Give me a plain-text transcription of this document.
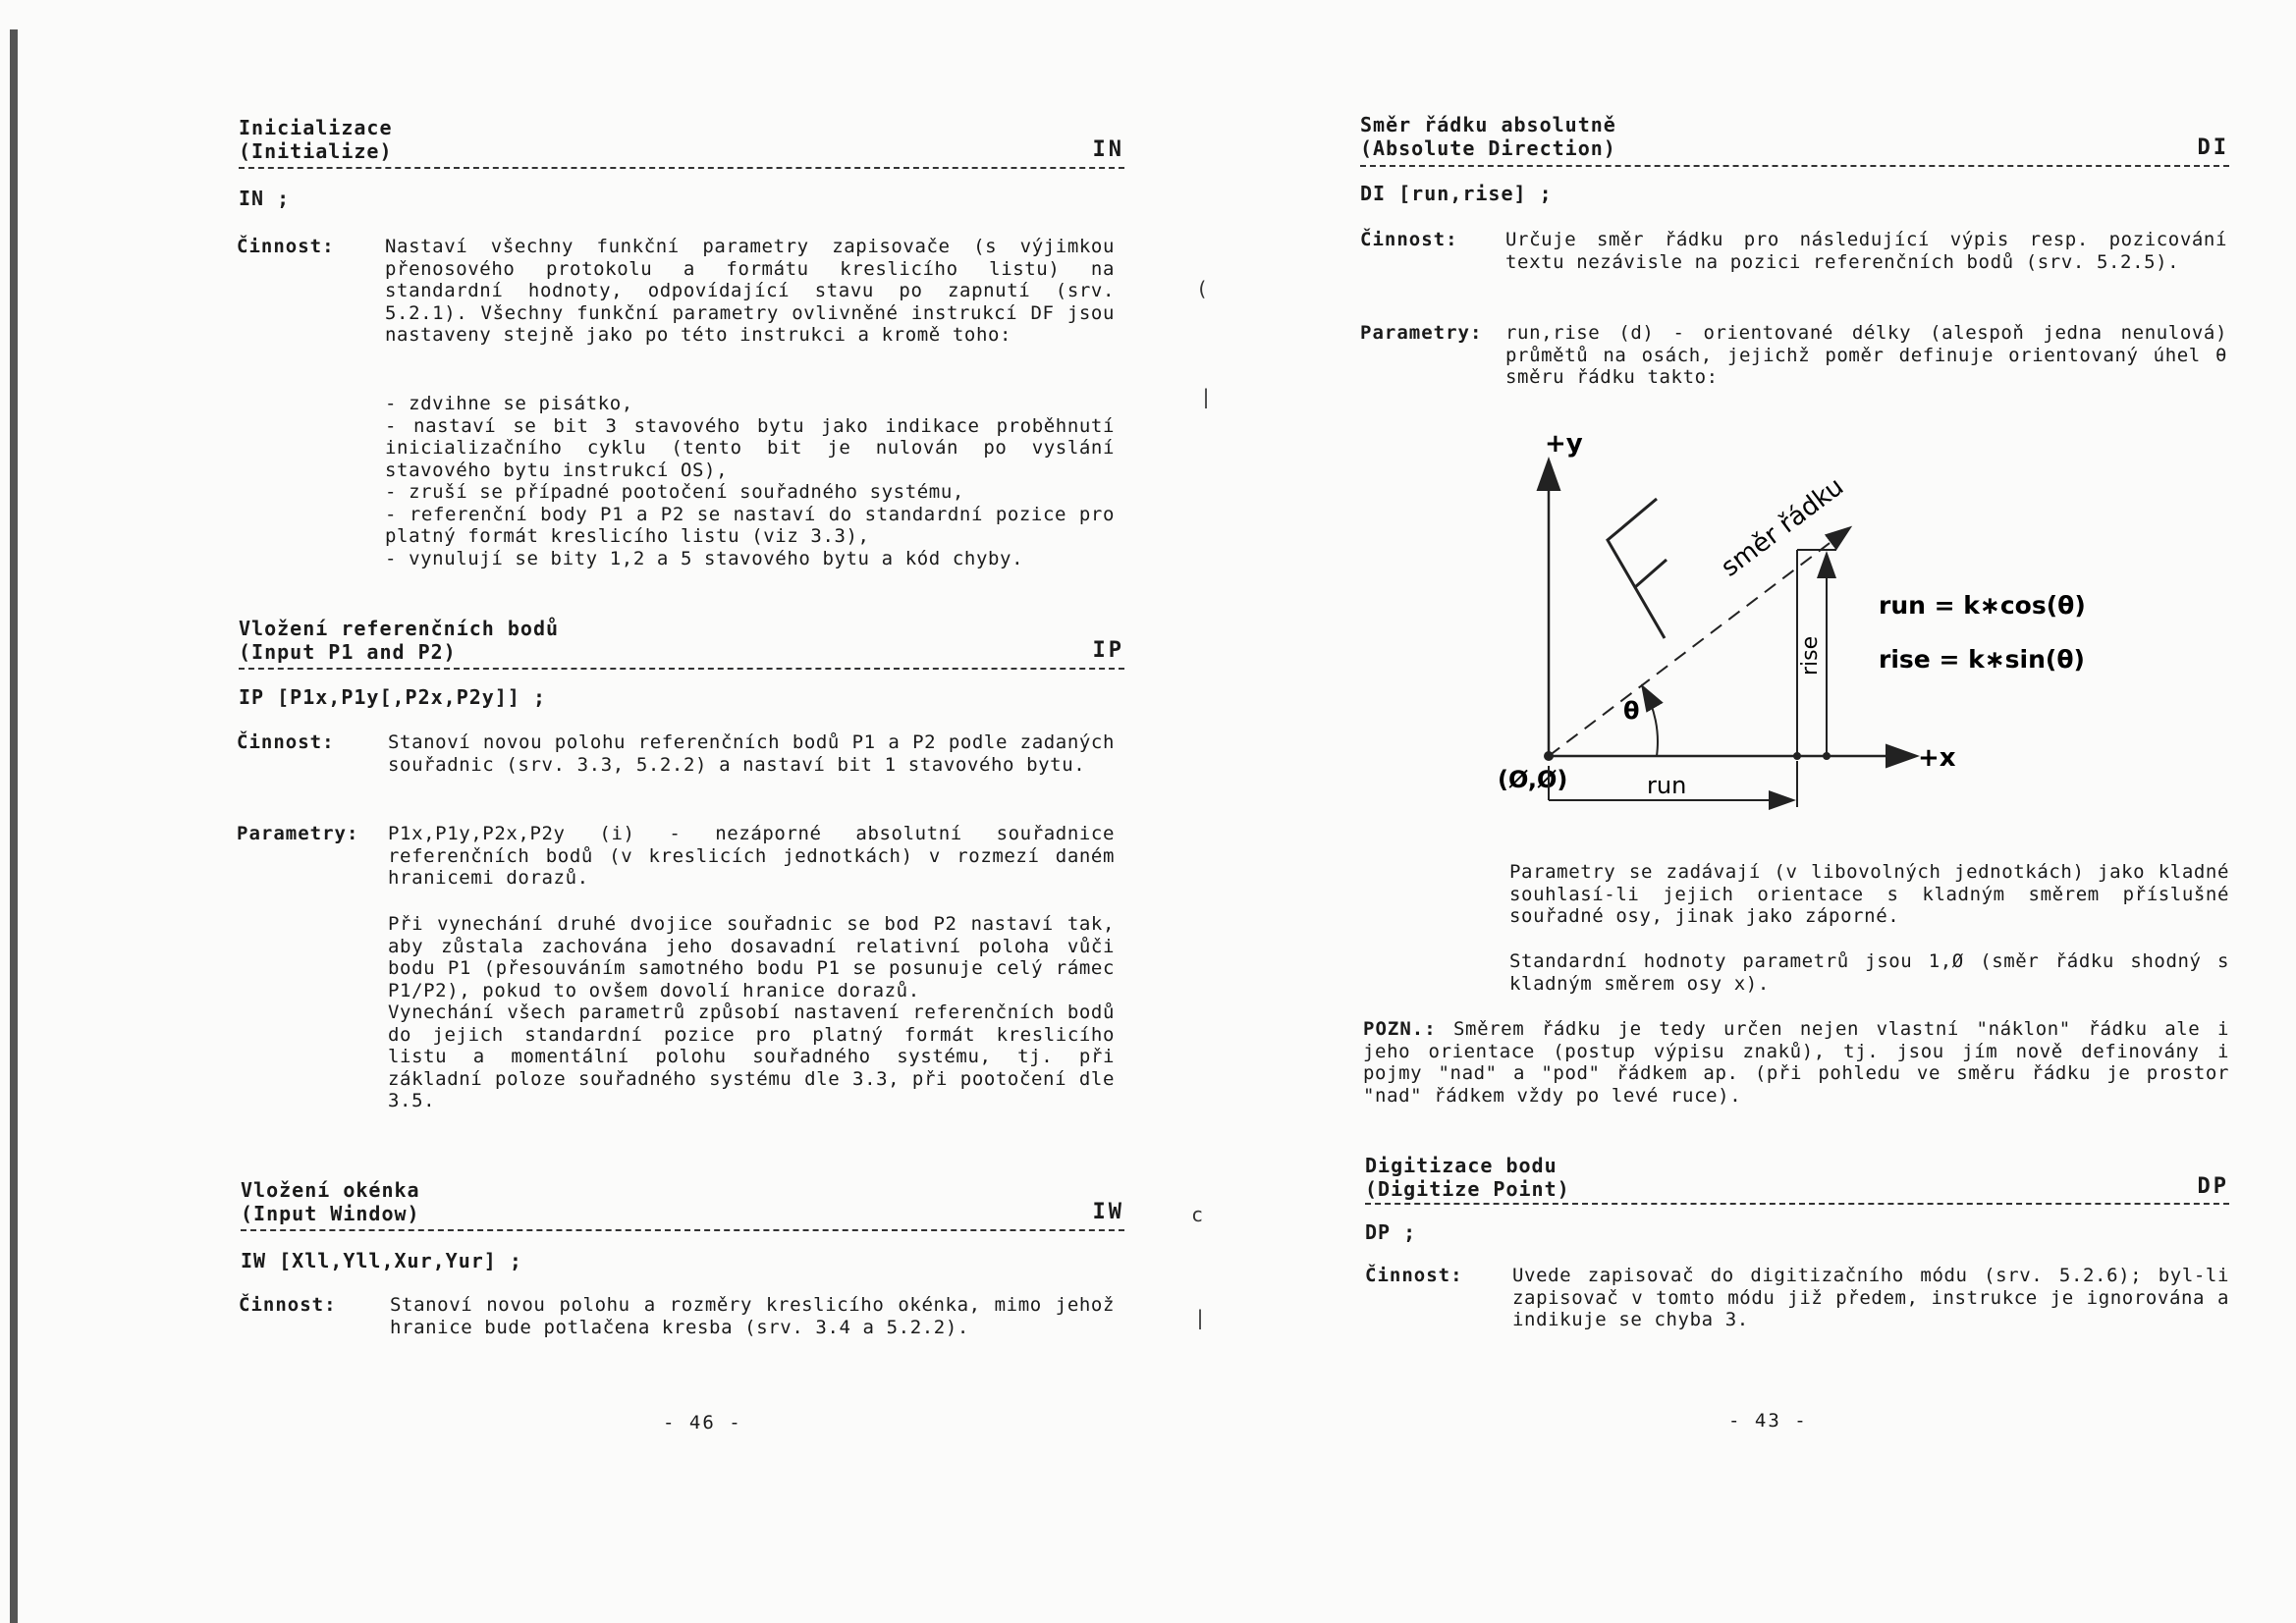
Inicializace
(Initialize)	IN
IN ;
Činnost:	Nastaví všechny funkční parametry zapisovače (s výjimkou přenosového protokolu a formátu kreslicího listu) na standardní hodnoty, odpovídající stavu po zapnutí (srv. 5.2.1). Všechny funkční parametry ovlivněné instrukcí DF jsou nastaveny stejně jako po této instrukci a kromě toho:

- zdvihne se pisátko,

- nastaví se bit 3 stavového bytu jako indikace proběhnutí inicializačního cyklu (tento bit je nulován po vyslání stavového bytu instrukcí OS),

- zruší se případné pootočení souřadného systému,

- referenční body P1 a P2 se nastaví do standardní pozice pro platný formát kreslicího listu (viz 3.3),

- vynulují se bity 1,2 a 5 stavového bytu a kód chyby.

Vložení referenčních bodů
(Input P1 and P2)	IP
IP [P1x,P1y[,P2x,P2y]] ;
Činnost:	Stanoví novou polohu referenčních bodů P1 a P2 podle zadaných souřadnic (srv. 3.3, 5.2.2) a nastaví bit 1 stavového bytu.

Parametry: P1x,P1y,P2x,P2y (i) - nezáporné absolutní souřadnice referenčních bodů (v kreslicích jednotkách) v rozmezí daném hranicemi dorazů.

Při vynechání druhé dvojice souřadnic se bod P2 nastaví tak, aby zůstala zachována jeho dosavadní relativní poloha vůči bodu P1 (přesouváním samotného bodu P1 se posunuje celý rámec P1/P2), pokud to ovšem dovolí hranice dorazů.

Vynechání všech parametrů způsobí nastavení referenčních bodů do jejich standardní pozice pro platný formát kreslicího listu a momentální polohu souřadného systému, tj. při základní poloze souřadného systému dle 3.3, při pootočení dle 3.5.

Vložení okénka
(Input Window)	IW
IW [Xll,Yll,Xur,Yur] ;
Činnost:	Stanoví novou polohu a rozměry kreslicího okénka, mimo jehož hranice bude potlačena kresba (srv. 3.4 a 5.2.2).

- 46 -
(
|
c
|
Směr řádku absolutně
(Absolute Direction)	DI
DI [run,rise] ;
Činnost:	Určuje směr řádku pro následující výpis resp. pozicování textu nezávisle na pozici referenčních bodů (srv. 5.2.5).

Parametry: run,rise (d) - orientované délky (alespoň jedna nenulová) průmětů na osách, jejichž poměr definuje orientovaný úhel θ směru řádku takto:

+y
+x
(Ø,Ø)
směr řádku
θ
rise
run
run = k∗cos(θ)
rise = k∗sin(θ)

Parametry se zadávají (v libovolných jednotkách) jako kladné souhlasí-li jejich orientace s kladným směrem příslušné souřadné osy, jinak jako záporné.

Standardní hodnoty parametrů jsou 1,Ø (směr řádku shodný s kladným směrem osy x).

POZN.: Směrem řádku je tedy určen nejen vlastní "náklon" řádku ale i jeho orientace (postup výpisu znaků), tj. jsou jím nově definovány i pojmy "nad" a "pod" řádkem ap. (při pohledu ve směru řádku je prostor "nad" řádkem vždy po levé ruce).

Digitizace bodu
(Digitize Point)	DP
DP ;
Činnost:	Uvede zapisovač do digitizačního módu (srv. 5.2.6); byl-li zapisovač v tomto módu již předem, instrukce je ignorována a indikuje se chyba 3.

- 43 -
